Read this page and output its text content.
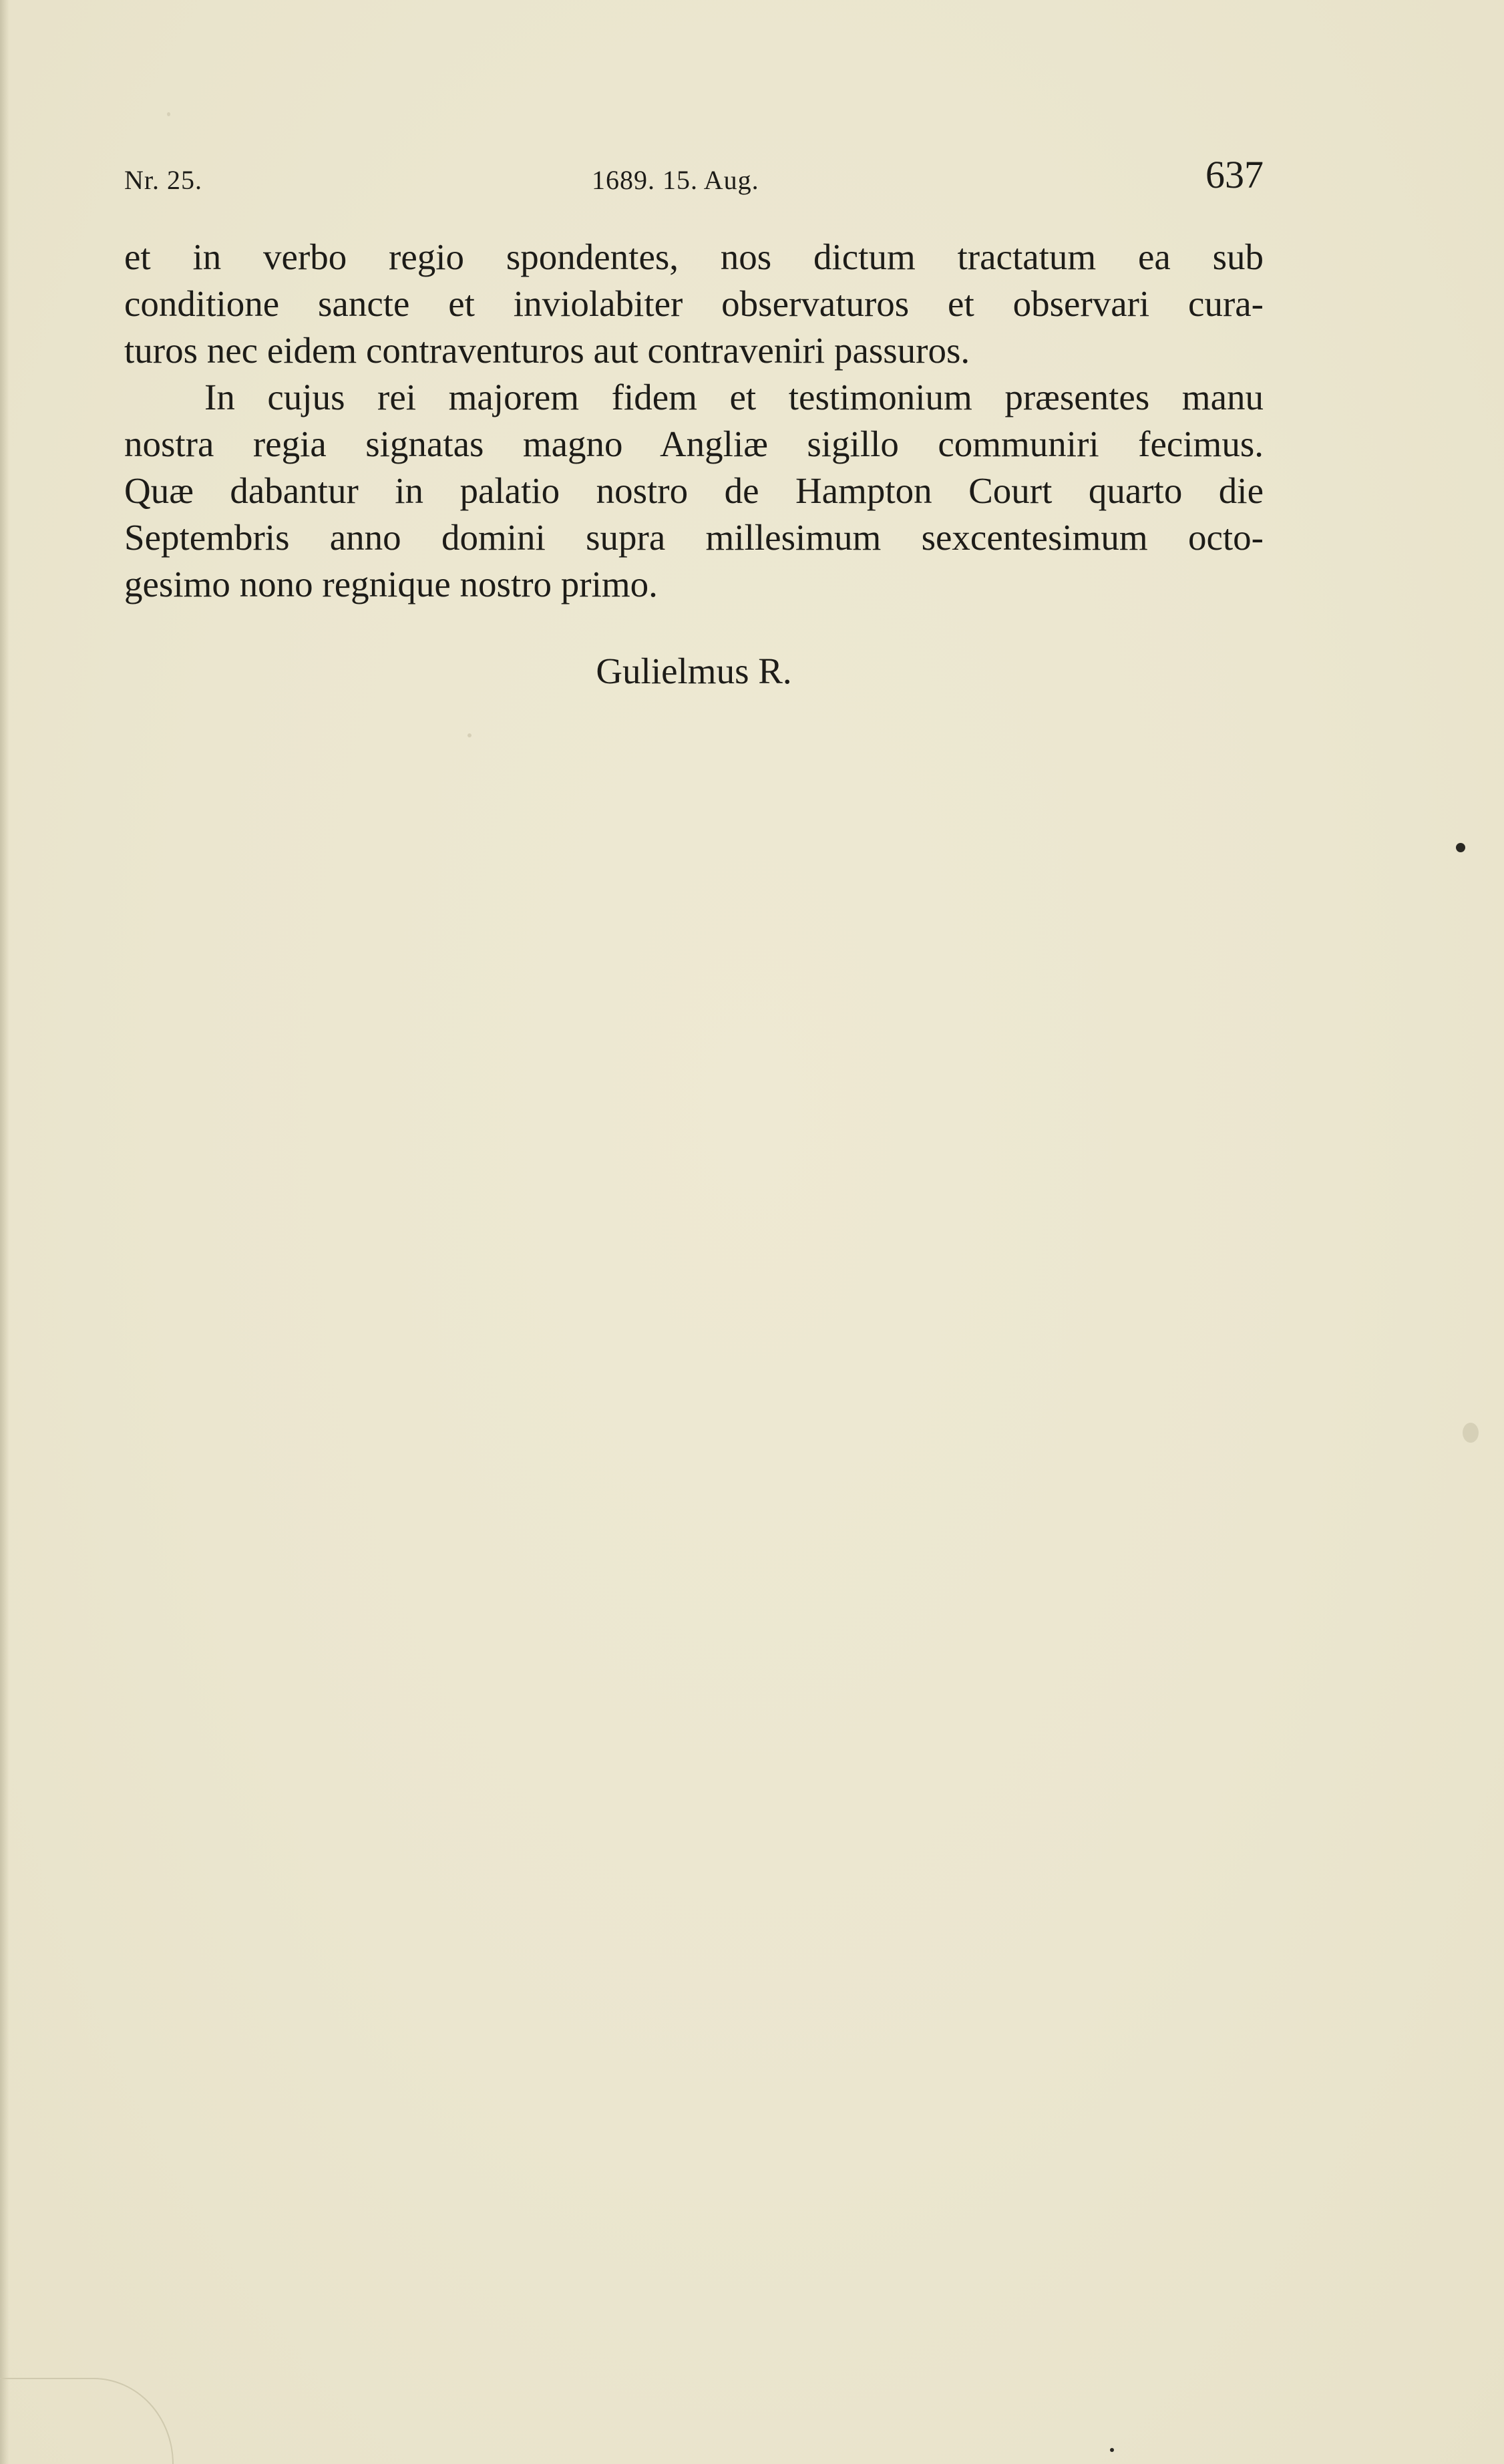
Nr. 25.	1689. 15. Aug.	637
et in verbo regio spondentes, nos dictum tractatum ea sub
conditione sancte et inviolabiter observaturos et observari cura-
turos nec eidem contraventuros aut contraveniri passuros.
In cujus rei majorem fidem et testimonium præsentes manu
nostra regia signatas magno Angliæ sigillo communiri fecimus.
Quæ dabantur in palatio nostro de Hampton Court quarto die
Septembris anno domini supra millesimum sexcentesimum octo-
gesimo nono regnique nostro primo.
Gulielmus R.
